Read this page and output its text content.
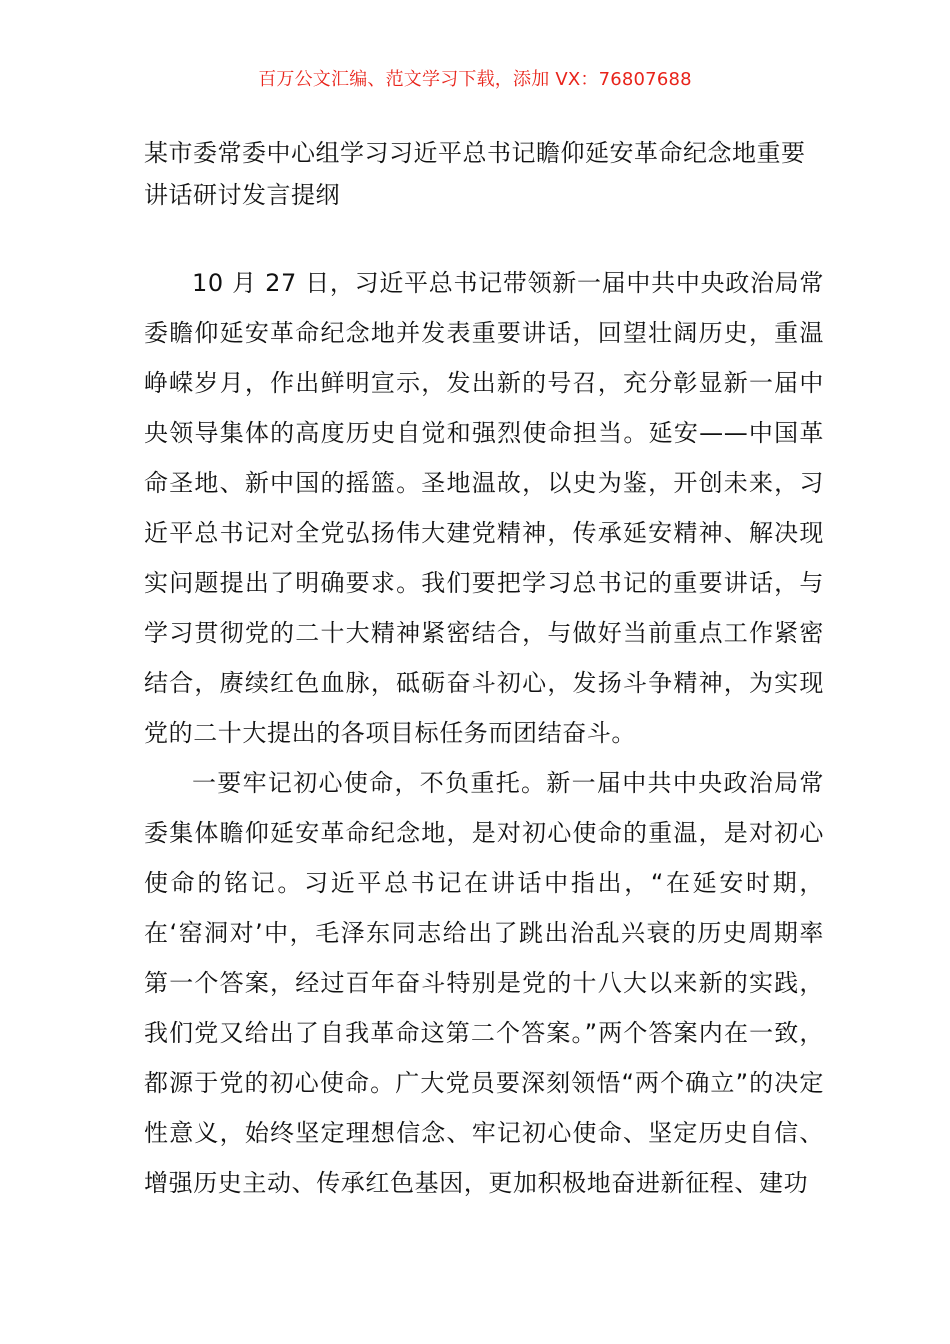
百万公文汇编、范文学习下载，添加 VX：76807688
某市委常委中心组学习习近平总书记瞻仰延安革命纪念地重要讲话研讨发言提纲

10 月 27 日，习近平总书记带领新一届中共中央政治局常委瞻仰延安革命纪念地并发表重要讲话，回望壮阔历史，重温峥嵘岁月，作出鲜明宣示，发出新的号召，充分彰显新一届中央领导集体的高度历史自觉和强烈使命担当。延安——中国革命圣地、新中国的摇篮。圣地温故，以史为鉴，开创未来，习近平总书记对全党弘扬伟大建党精神，传承延安精神、解决现实问题提出了明确要求。我们要把学习总书记的重要讲话，与学习贯彻党的二十大精神紧密结合，与做好当前重点工作紧密结合，赓续红色血脉，砥砺奋斗初心，发扬斗争精神，为实现党的二十大提出的各项目标任务而团结奋斗。

一要牢记初心使命，不负重托。新一届中共中央政治局常委集体瞻仰延安革命纪念地，是对初心使命的重温，是对初心使命的铭记。习近平总书记在讲话中指出，“在延安时期，在‘窑洞对’中，毛泽东同志给出了跳出治乱兴衰的历史周期率第一个答案，经过百年奋斗特别是党的十八大以来新的实践，我们党又给出了自我革命这第二个答案。”两个答案内在一致，都源于党的初心使命。广大党员要深刻领悟“两个确立”的决定性意义，始终坚定理想信念、牢记初心使命、坚定历史自信、增强历史主动、传承红色基因，更加积极地奋进新征程、建功
